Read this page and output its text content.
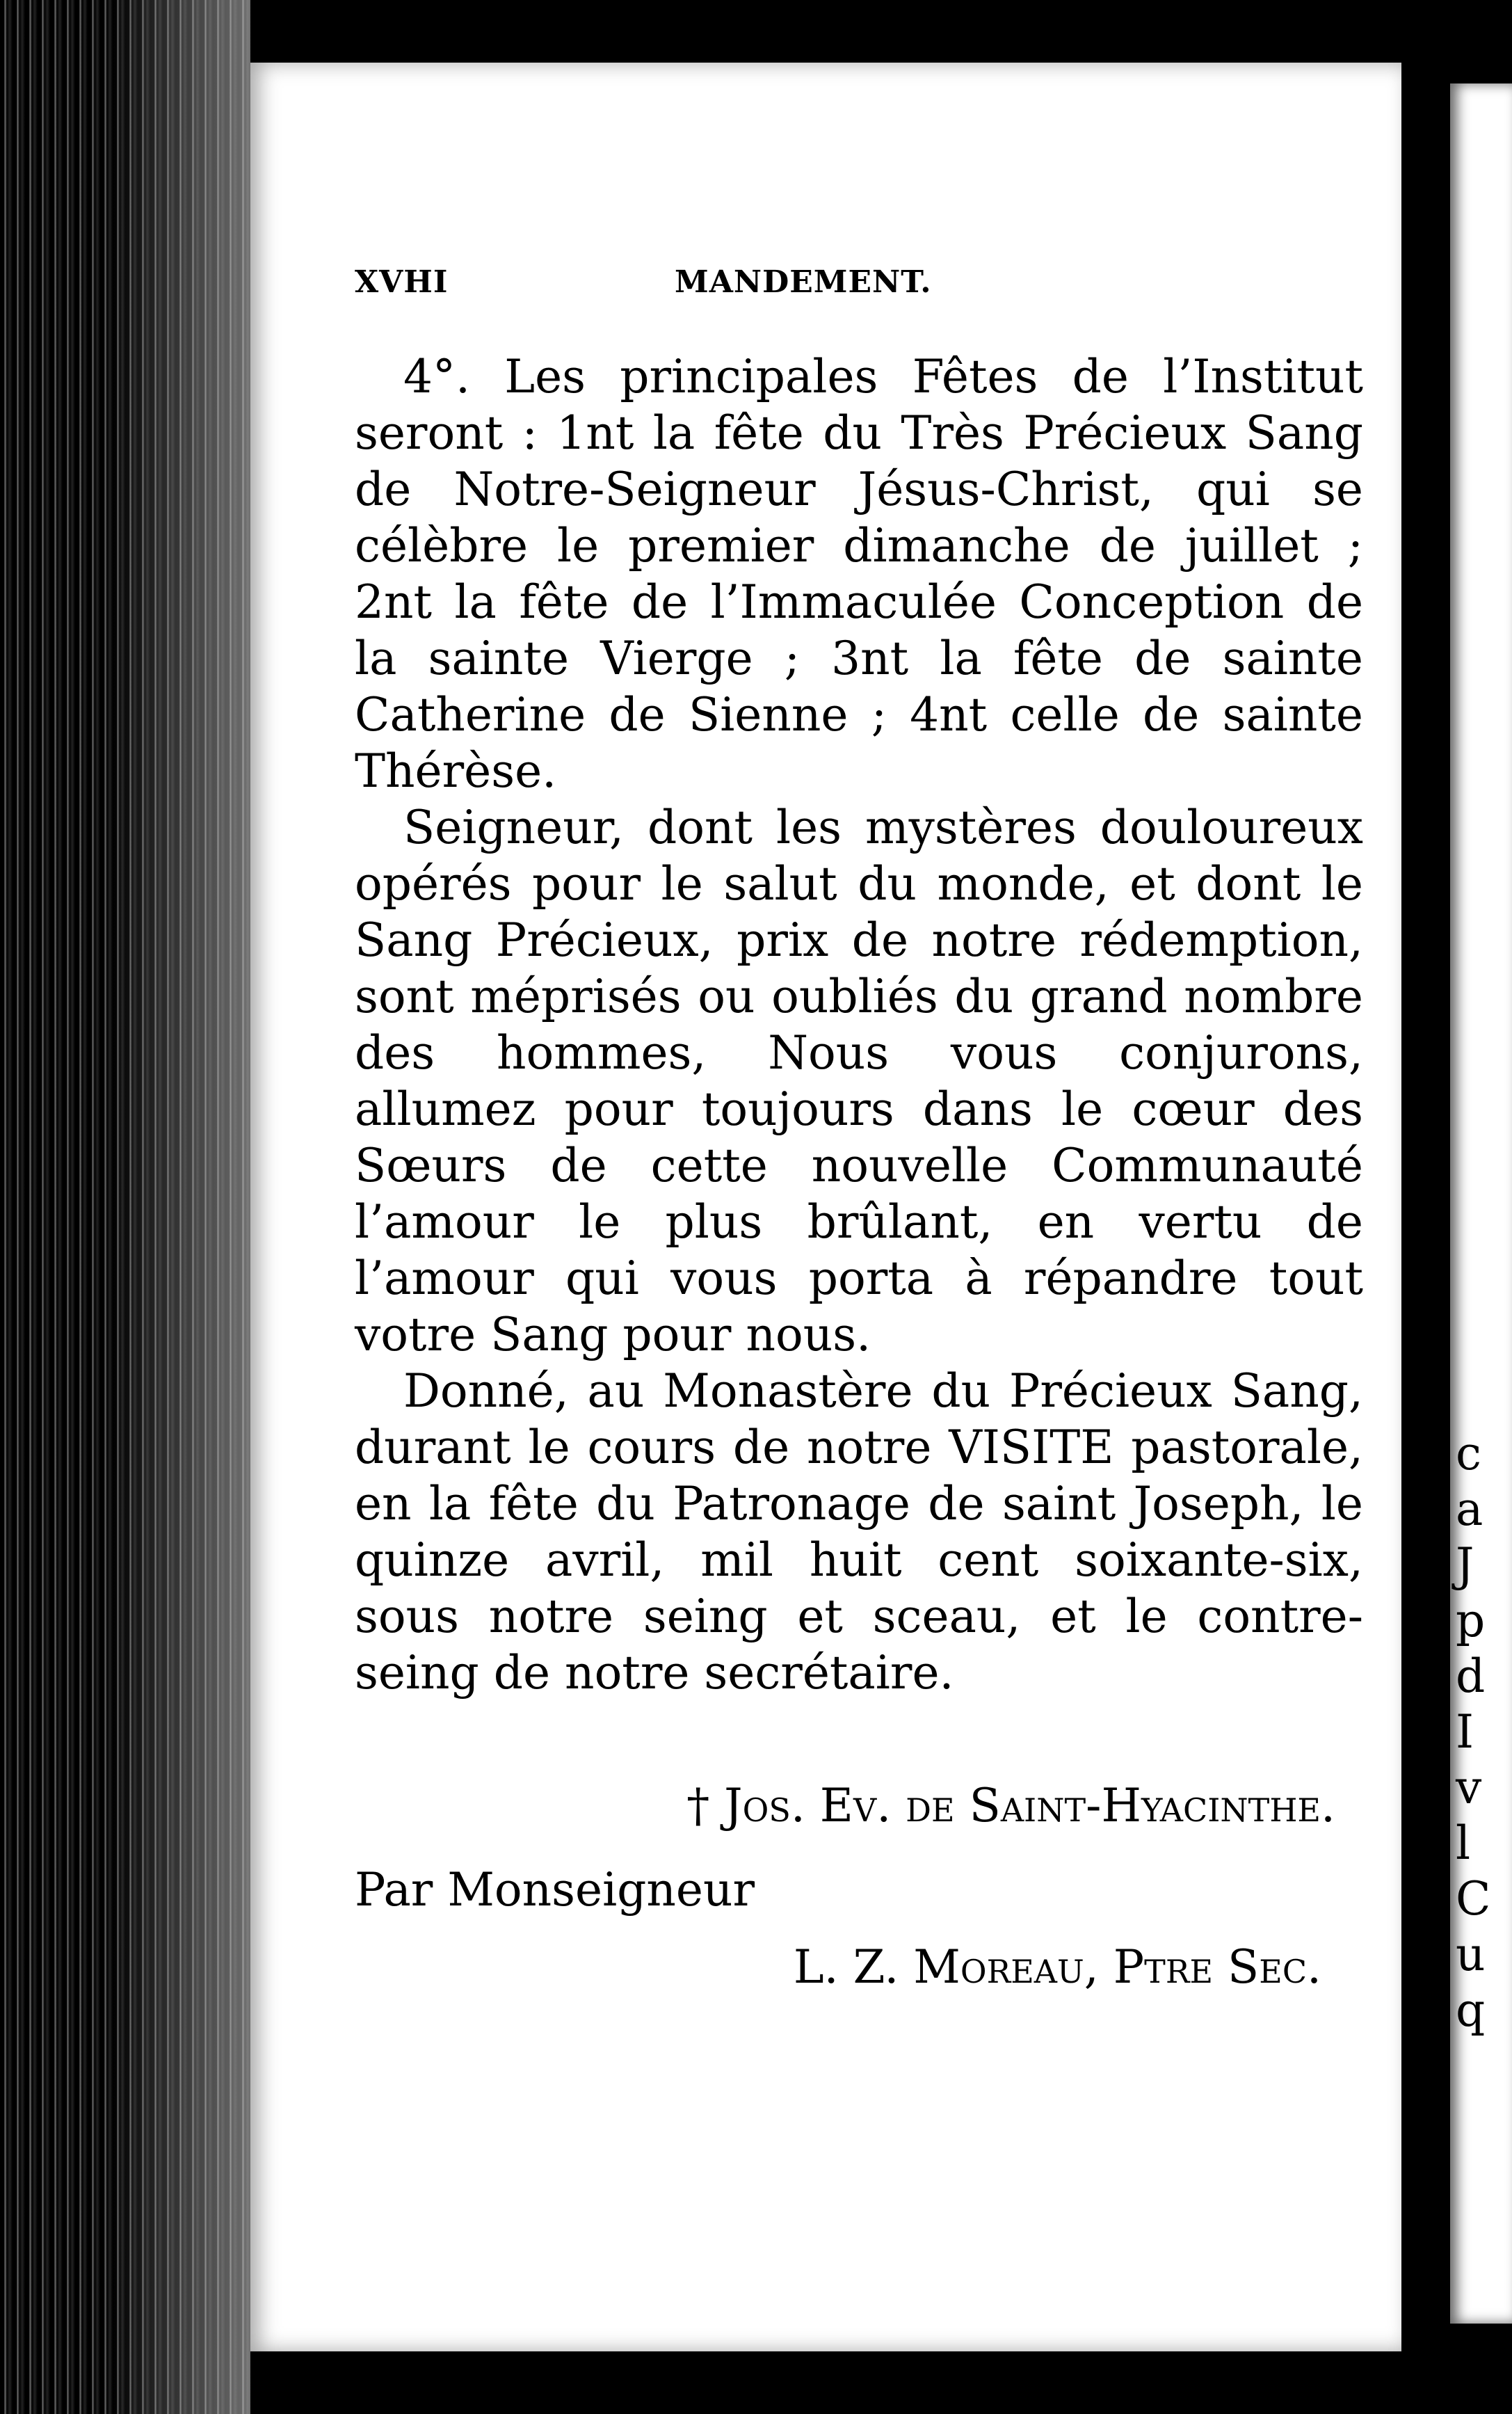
c
a
J
p
d
I
v
l
C
u
q
XVHI	MANDEMENT.

4°. Les principales Fêtes de l’Institut seront : 1nt la fête du Très Précieux Sang de Notre-Seigneur Jésus-Christ, qui se célèbre le premier dimanche de juillet ; 2nt la fête de l’Immaculée Conception de la sainte Vierge ; 3nt la fête de sainte Catherine de Sienne ; 4nt celle de sainte Thérèse.

Seigneur, dont les mystères douloureux opérés pour le salut du monde, et dont le Sang Précieux, prix de notre rédemption, sont méprisés ou oubliés du grand nombre des hommes, Nous vous conjurons, allumez pour toujours dans le cœur des Sœurs de cette nouvelle Communauté l’amour le plus brûlant, en vertu de l’amour qui vous porta à répandre tout votre Sang pour nous.

Donné, au Monastère du Précieux Sang, durant le cours de notre VISITE pastorale, en la fête du Patronage de saint Joseph, le quinze avril, mil huit cent soixante-six, sous notre seing et sceau, et le contre-seing de notre secrétaire.

† Jos. Ev. de Saint-Hyacinthe.
Par Monseigneur
L. Z. Moreau, Ptre Sec.
